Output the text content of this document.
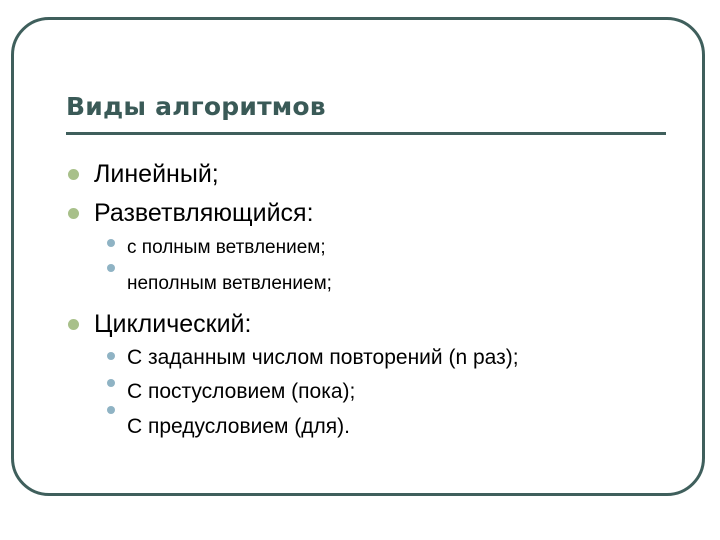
Виды алгоритмов
Линейный;
Разветвляющийся:
с полным ветвлением;
неполным ветвлением;
Циклический:
С заданным числом повторений (n раз);
С постусловием (пока);
С предусловием (для).
